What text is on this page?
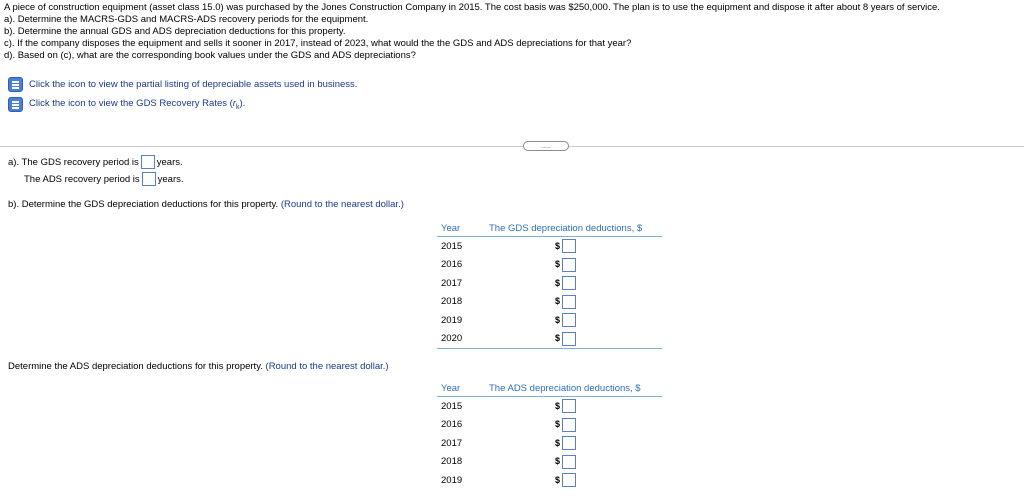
A piece of construction equipment (asset class 15.0) was purchased by the Jones Construction Company in 2015. The cost basis was $250,000. The plan is to use the equipment and dispose it after about 8 years of service.
a). Determine the MACRS-GDS and MACRS-ADS recovery periods for the equipment.
b). Determine the annual GDS and ADS depreciation deductions for this property.
c). If the company disposes the equipment and sells it sooner in 2017, instead of 2023, what would the the GDS and ADS depreciations for that year?
d). Based on (c), what are the corresponding book values under the GDS and ADS depreciations?
Click the icon to view the partial listing of depreciable assets used in business.
Click the icon to view the GDS Recovery Rates $(r_k)$.
.....
a). The GDS recovery period is years.
The ADS recovery period is years.
b). Determine the GDS depreciation deductions for this property. (Round to the nearest dollar.)
Year	The GDS depreciation deductions, $
2015	$
2016	$
2017	$
2018	$
2019	$
2020	$
Determine the ADS depreciation deductions for this property. (Round to the nearest dollar.)
Year	The ADS depreciation deductions, $
2015	$
2016	$
2017	$
2018	$
2019	$
